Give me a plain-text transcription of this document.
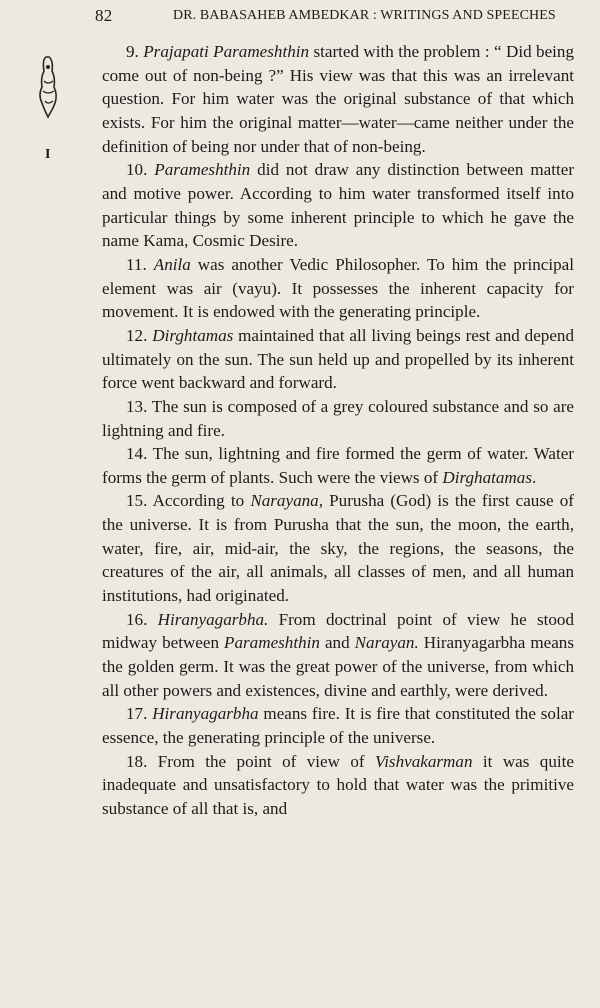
82	DR. BABASAHEB AMBEDKAR : WRITINGS AND SPEECHES
I

9. Prajapati Parameshthin started with the problem : “ Did being come out of non-being ?” His view was that this was an irrelevant question. For him water was the original substance of that which exists. For him the original matter—water—came neither under the definition of being nor under that of non-being.

10. Parameshthin did not draw any distinction between matter and motive power. According to him water transformed itself into particular things by some inherent principle to which he gave the name Kama, Cosmic Desire.

11. Anila was another Vedic Philosopher. To him the principal element was air (vayu). It possesses the inherent capacity for movement. It is endowed with the generating principle.

12. Dirghtamas maintained that all living beings rest and depend ultimately on the sun. The sun held up and propelled by its inherent force went backward and forward.

13. The sun is composed of a grey coloured substance and so are lightning and fire.

14. The sun, lightning and fire formed the germ of water. Water forms the germ of plants. Such were the views of Dirghatamas.

15. According to Narayana, Purusha (God) is the first cause of the universe. It is from Purusha that the sun, the moon, the earth, water, fire, air, mid-air, the sky, the regions, the seasons, the creatures of the air, all animals, all classes of men, and all human institutions, had originated.

16. Hiranyagarbha. From doctrinal point of view he stood midway between Parameshthin and Narayan. Hiranyagarbha means the golden germ. It was the great power of the universe, from which all other powers and existences, divine and earthly, were derived.

17. Hiranyagarbha means fire. It is fire that constituted the solar essence, the generating principle of the universe.

18. From the point of view of Vishvakarman it was quite inadequate and unsatisfactory to hold that water was the primitive substance of all that is, and
